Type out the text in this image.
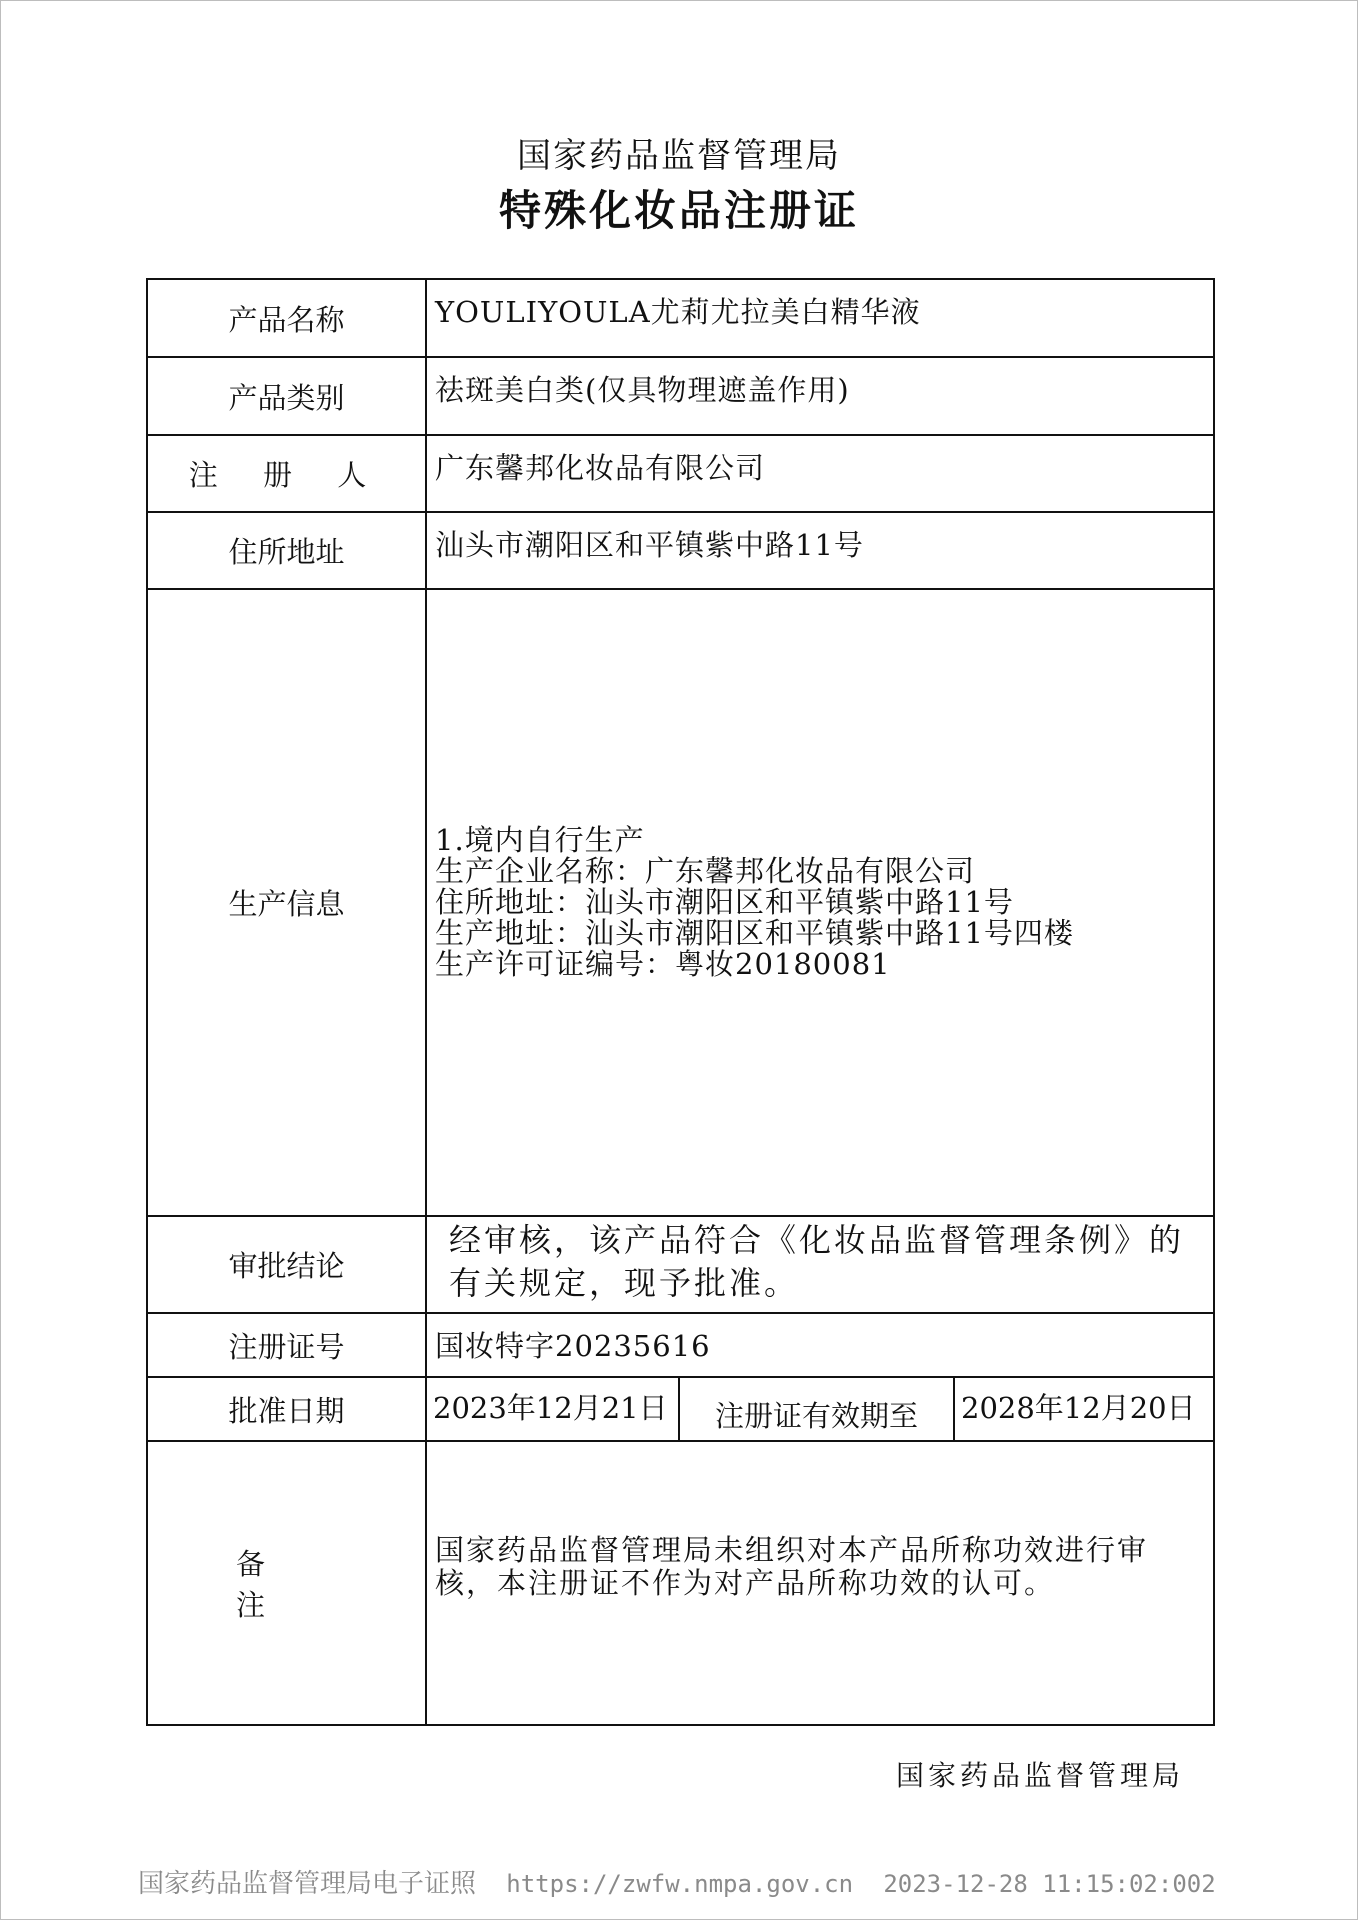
国家药品监督管理局
特殊化妆品注册证
产品名称	YOULIYOULA尤莉尤拉美白精华液		
产品类别	祛斑美白类(仅具物理遮盖作用)		
注 册 人	广东馨邦化妆品有限公司		
住所地址	汕头市潮阳区和平镇紫中路11号		
生产信息	1.境内自行生产
生产企业名称：广东馨邦化妆品有限公司
住所地址：汕头市潮阳区和平镇紫中路11号
生产地址：汕头市潮阳区和平镇紫中路11号四楼
生产许可证编号：粤妆20180081		

审批结论	经审核，该产品符合《化妆品监督管理条例》的有关规定，现予批准。		
注册证号	国妆特字20235616		
批准日期	2023年12月21日	注册证有效期至	2028年12月20日
备 注	国家药品监督管理局未组织对本产品所称功效进行审核，本注册证不作为对产品所称功效的认可。		
国家药品监督管理局
国家药品监督管理局电子证照 https://zwfw.nmpa.gov.cn 2023-12-28 11:15:02:002
